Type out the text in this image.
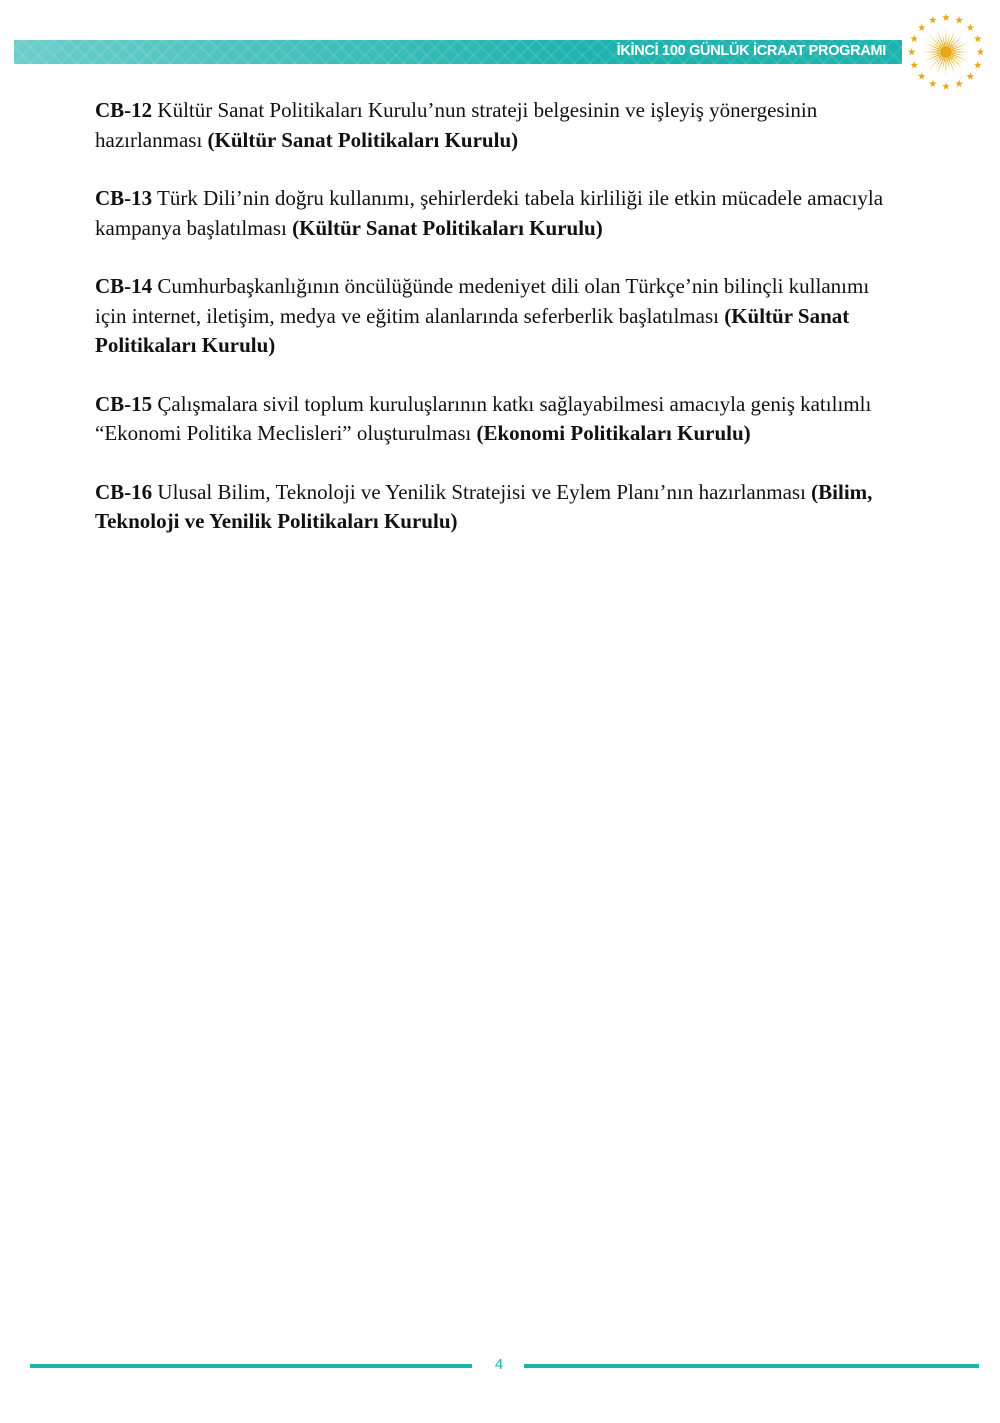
İKİNCİ 100 GÜNLÜK İCRAAT PROGRAMI

CB-12 Kültür Sanat Politikaları Kurulu’nun strateji belgesinin ve işleyiş yönergesinin hazırlanması (Kültür Sanat Politikaları Kurulu)

CB-13 Türk Dili’nin doğru kullanımı, şehirlerdeki tabela kirliliği ile etkin mücadele amacıyla kampanya başlatılması (Kültür Sanat Politikaları Kurulu)

CB-14 Cumhurbaşkanlığının öncülüğünde medeniyet dili olan Türkçe’nin bilinçli kullanımı için internet, iletişim, medya ve eğitim alanlarında seferberlik başlatılması (Kültür Sanat Politikaları Kurulu)

CB-15 Çalışmalara sivil toplum kuruluşlarının katkı sağlayabilmesi amacıyla geniş katılımlı “Ekonomi Politika Meclisleri” oluşturulması (Ekonomi Politikaları Kurulu)

CB-16 Ulusal Bilim, Teknoloji ve Yenilik Stratejisi ve Eylem Planı’nın hazırlanması (Bilim, Teknoloji ve Yenilik Politikaları Kurulu)

4
